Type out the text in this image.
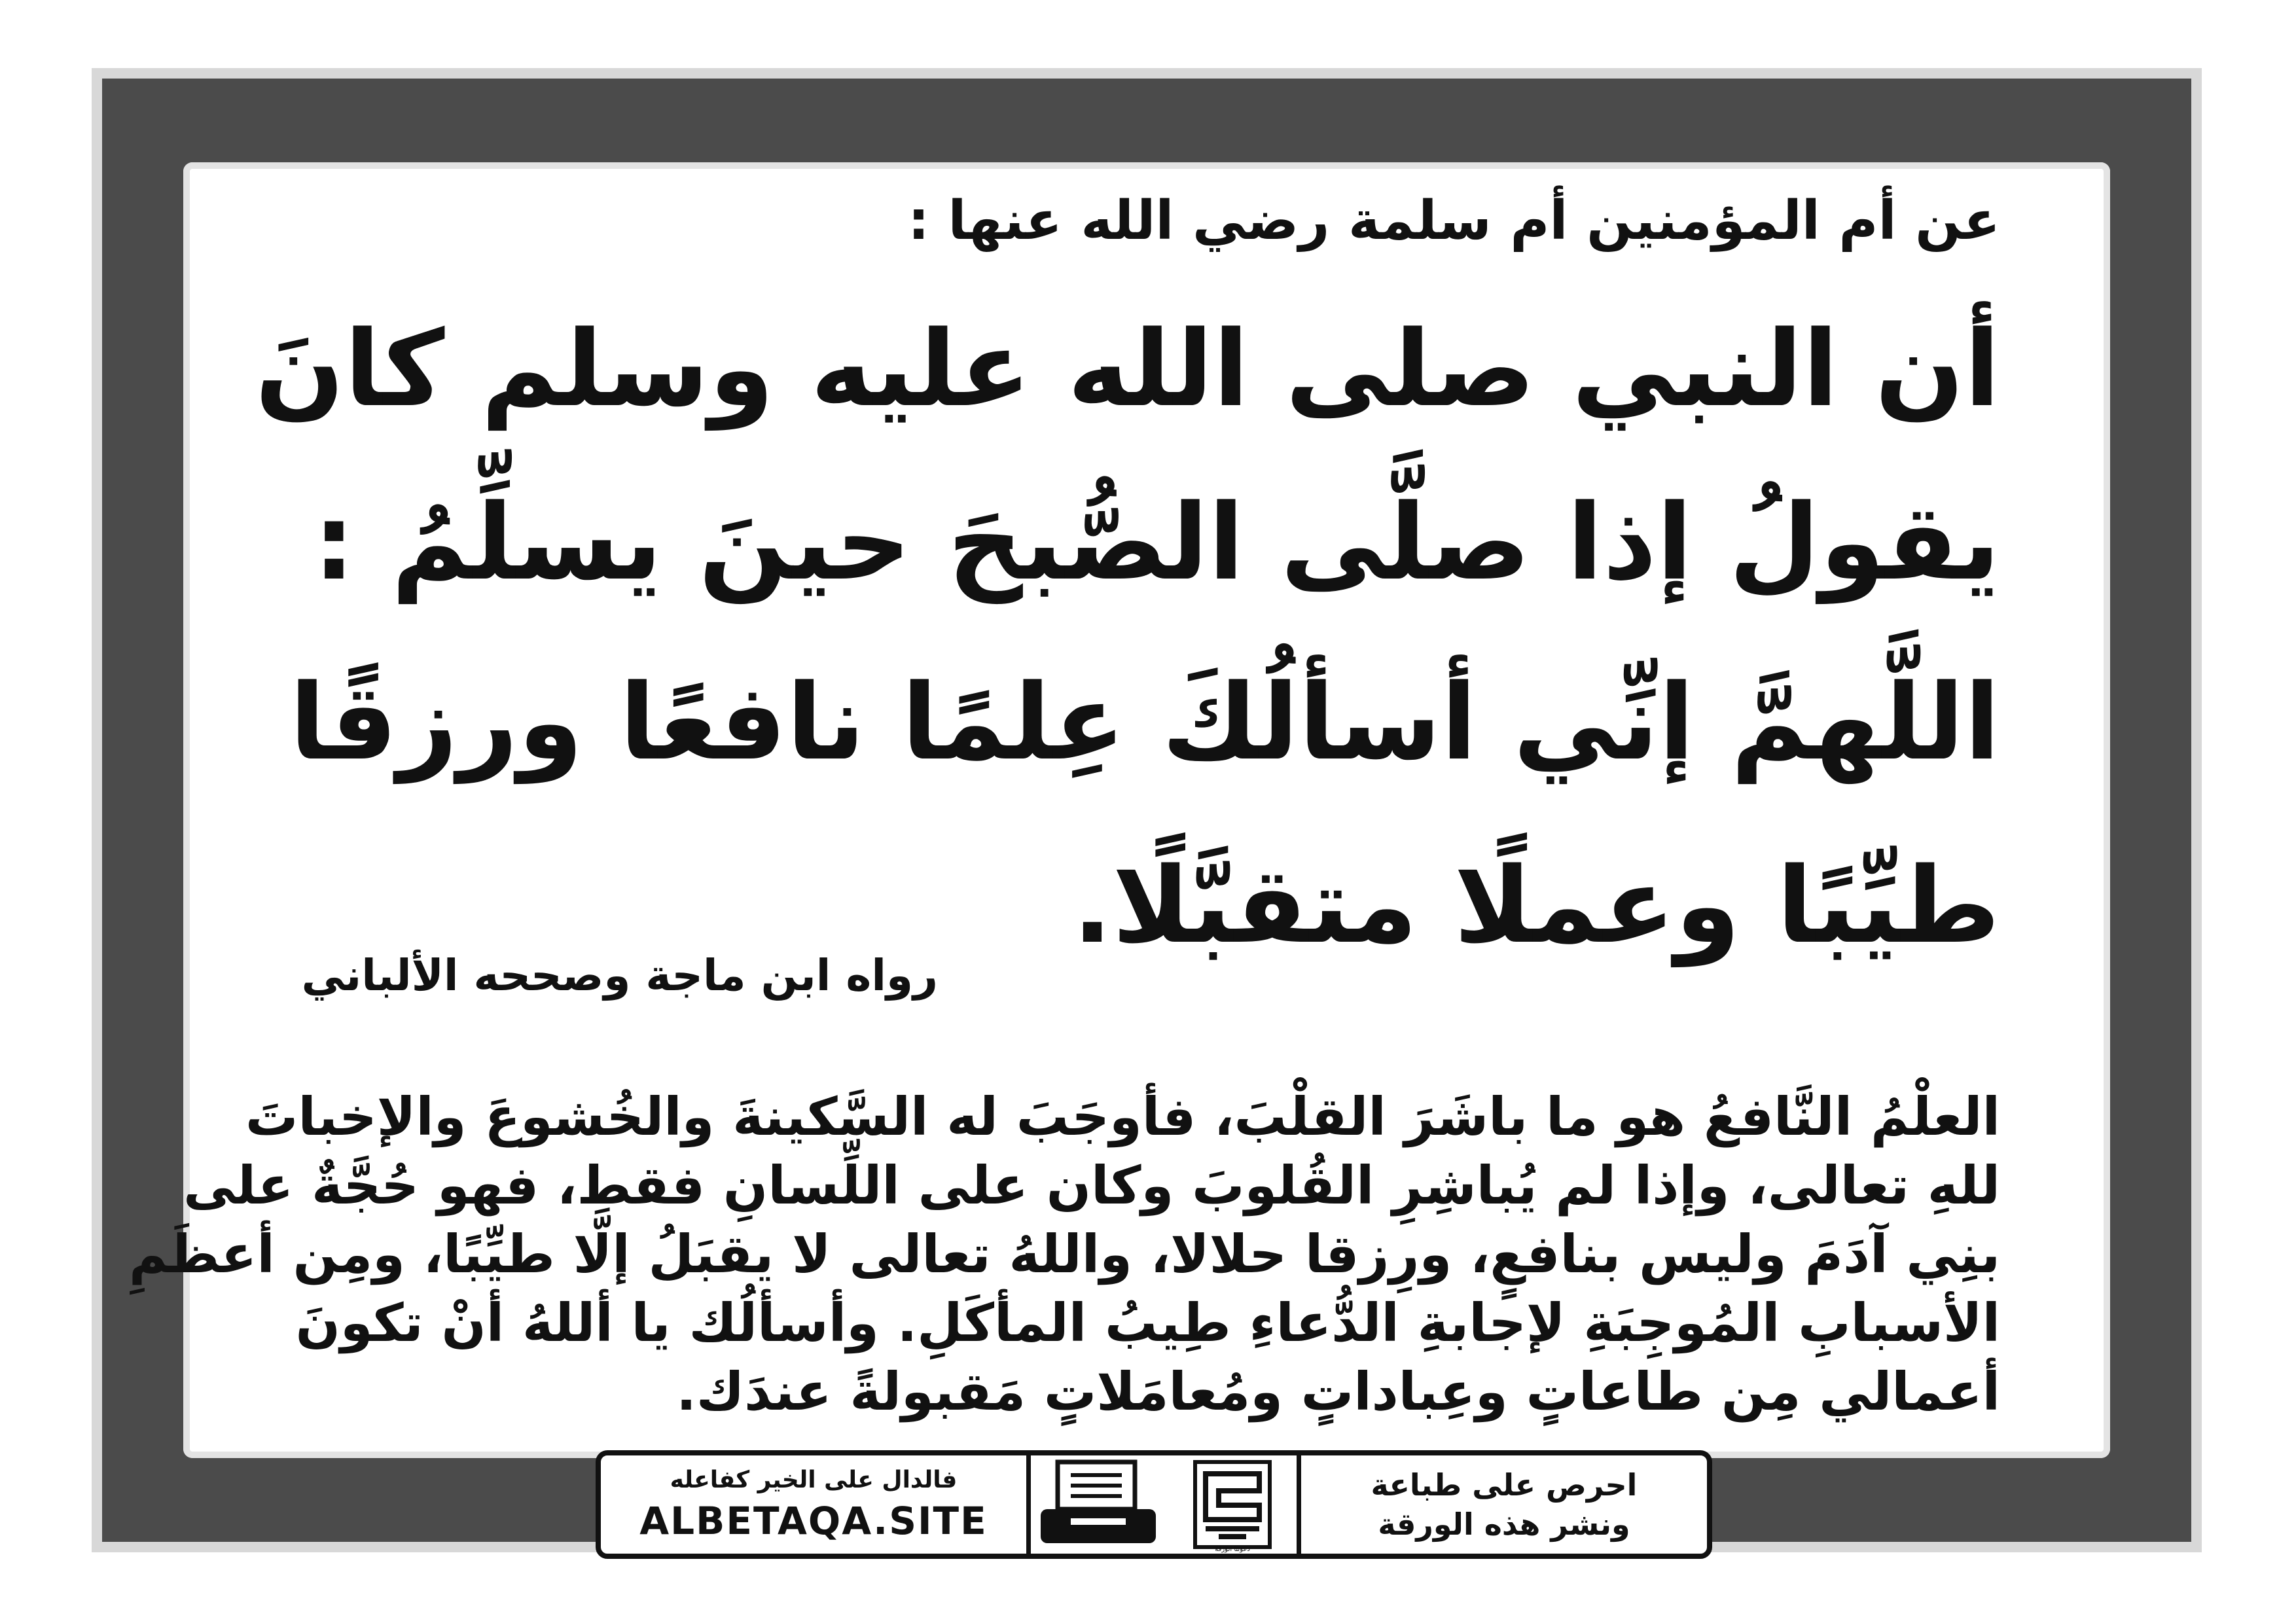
عن أم المؤمنين أم سلمة رضي الله عنها :
أن النبي صلى الله عليه وسلم كانَ
يقولُ إذا صلَّى الصُّبحَ حينَ يسلِّمُ :
اللَّهمَّ إنِّي أسألُكَ عِلمًا نافعًا ورزقًا
طيِّبًا وعملًا متقبَّلًا.
رواه ابن ماجة وصححه الألباني
العلْمُ النَّافعُ هو ما باشَرَ القلْبَ، فأوجَبَ له السَّكينةَ والخُشوعَ والإخباتَ
للهِ تعالى، وإذا لم يُباشِرِ القُلوبَ وكان على اللِّسانِ فقط، فهو حُجَّةٌ على
بنِي آدَمَ وليس بنافعٍ، ورِزقا حلالا، واللهُ تعالى لا يقبَلُ إلَّا طيِّبًا، ومِن أعظَمِ
الأسبابِ المُوجِبَةِ لإجابةِ الدُّعاءِ طِيبُ المأكَلِ. وأسألُك يا أللهُ أنْ تكونَ
أعمالي مِن طاعاتٍ وعِباداتٍ ومُعامَلاتٍ مَقبولةً عندَك.
فالدال على الخير كفاعله
ALBETAQA.SITE
دعوتنا الورقة
احرص على طباعة
ونشر هذه الورقة
